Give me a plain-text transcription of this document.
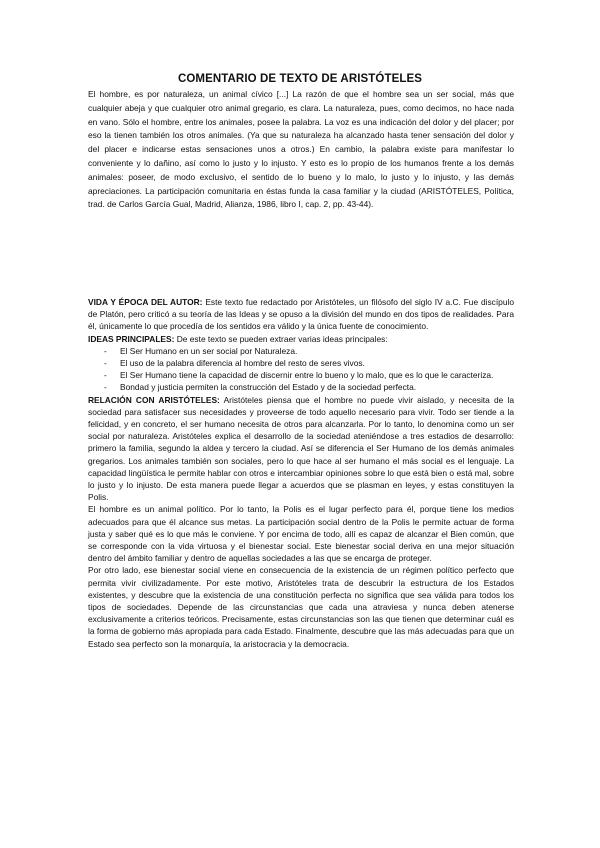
COMENTARIO DE TEXTO DE ARISTÓTELES

El hombre, es por naturaleza, un animal cívico [...] La razón de que el hombre sea un ser social, más que cualquier abeja y que cualquier otro animal gregario, es clara. La naturaleza, pues, como decimos, no hace nada en vano. Sólo el hombre, entre los animales, posee la palabra. La voz es una indicación del dolor y del placer; por eso la tienen también los otros animales. (Ya que su naturaleza ha alcanzado hasta tener sensación del dolor y del placer e indicarse estas sensaciones unos a otros.) En cambio, la palabra existe para manifestar lo conveniente y lo dañino, así como lo justo y lo injusto. Y esto es lo propio de los humanos frente a los demás animales: poseer, de modo exclusivo, el sentido de lo bueno y lo malo, lo justo y lo injusto, y las demás apreciaciones. La participación comunitaria en éstas funda la casa familiar y la ciudad (ARISTÓTELES, Política, trad. de Carlos García Gual, Madrid, Alianza, 1986, libro I, cap. 2, pp. 43-44).

VIDA Y ÉPOCA DEL AUTOR: Este texto fue redactado por Aristóteles, un filósofo del siglo IV a.C. Fue discípulo de Platón, pero criticó a su teoría de las Ideas y se opuso a la división del mundo en dos tipos de realidades. Para él, únicamente lo que procedía de los sentidos era válido y la única fuente de conocimiento.

IDEAS PRINCIPALES: De este texto se pueden extraer varias ideas principales:

- El Ser Humano en un ser social por Naturaleza.
- El uso de la palabra diferencia al hombre del resto de seres vivos.
- El Ser Humano tiene la capacidad de discernir entre lo bueno y lo malo, que es lo que le caracteriza.
- Bondad y justicia permiten la construcción del Estado y de la sociedad perfecta.

RELACIÓN CON ARISTÓTELES: Aristóteles piensa que el hombre no puede vivir aislado, y necesita de la sociedad para satisfacer sus necesidades y proveerse de todo aquello necesario para vivir. Todo ser tiende a la felicidad, y en concreto, el ser humano necesita de otros para alcanzarla. Por lo tanto, lo denomina como un ser social por naturaleza. Aristóteles explica el desarrollo de la sociedad ateniéndose a tres estadios de desarrollo: primero la familia, segundo la aldea y tercero la ciudad. Así se diferencia el Ser Humano de los demás animales gregarios. Los animales también son sociales, pero lo que hace al ser humano el más social es el lenguaje. La capacidad lingüística le permite hablar con otros e intercambiar opiniones sobre lo que está bien o está mal, sobre lo justo y lo injusto. De esta manera puede llegar a acuerdos que se plasman en leyes, y estas constituyen la Polis.

El hombre es un animal político. Por lo tanto, la Polis es el lugar perfecto para él, porque tiene los medios adecuados para que él alcance sus metas. La participación social dentro de la Polis le permite actuar de forma justa y saber qué es lo que más le conviene. Y por encima de todo, allí es capaz de alcanzar el Bien común, que se corresponde con la vida virtuosa y el bienestar social. Este bienestar social deriva en una mejor situación dentro del ámbito familiar y dentro de aquellas sociedades a las que se encarga de proteger.

Por otro lado, ese bienestar social viene en consecuencia de la existencia de un régimen político perfecto que permita vivir civilizadamente. Por este motivo, Aristóteles trata de descubrir la estructura de los Estados existentes, y descubre que la existencia de una constitución perfecta no significa que sea válida para todos los tipos de sociedades. Depende de las circunstancias que cada una atraviesa y nunca deben atenerse exclusivamente a criterios teóricos. Precisamente, estas circunstancias son las que tienen que determinar cuál es la forma de gobierno más apropiada para cada Estado. Finalmente, descubre que las más adecuadas para que un Estado sea perfecto son la monarquía, la aristocracia y la democracia.
